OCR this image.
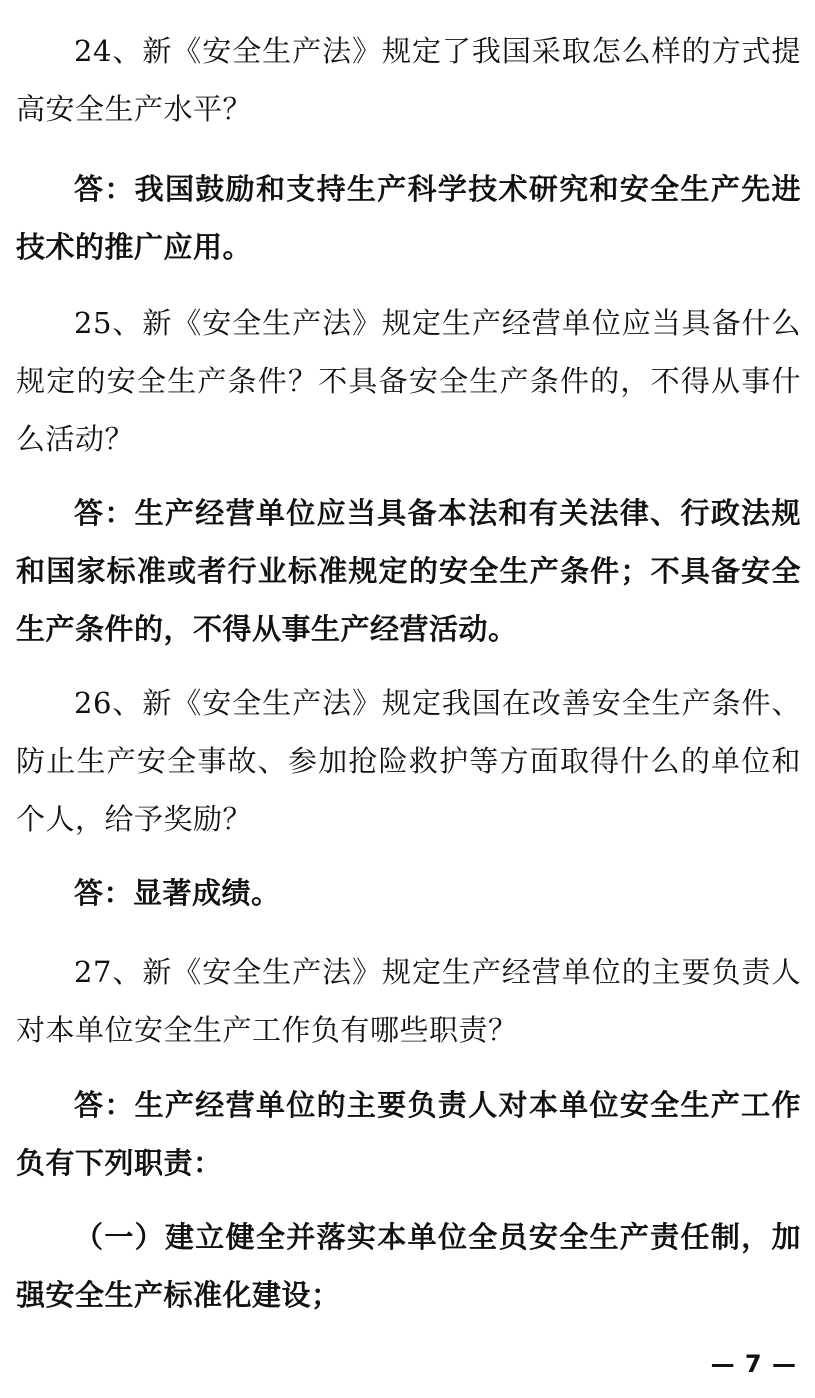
24、新《安全生产法》规定了我国采取怎么样的方式提高安全生产水平？

答：我国鼓励和支持生产科学技术研究和安全生产先进技术的推广应用。

25、新《安全生产法》规定生产经营单位应当具备什么规定的安全生产条件？不具备安全生产条件的，不得从事什么活动？

答：生产经营单位应当具备本法和有关法律、行政法规和国家标准或者行业标准规定的安全生产条件；不具备安全生产条件的，不得从事生产经营活动。

26、新《安全生产法》规定我国在改善安全生产条件、防止生产安全事故、参加抢险救护等方面取得什么的单位和个人，给予奖励？

答：显著成绩。

27、新《安全生产法》规定生产经营单位的主要负责人对本单位安全生产工作负有哪些职责？

答：生产经营单位的主要负责人对本单位安全生产工作负有下列职责：

（一）建立健全并落实本单位全员安全生产责任制，加强安全生产标准化建设；

— 7 —
